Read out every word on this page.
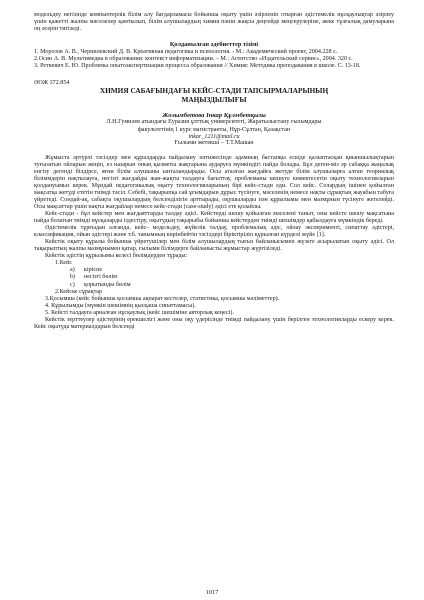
модельдеу негізінде компьютерлік білім алу бағдарламасы бойынша оқыту үшін әзірленіп отырған әдістемелік нұсқаулықтар әзірлеу үшін қажетті жалпы мәселелер қамтылып, білім алушылардың химия пәнін жақсы деңгейде меңгерулеріне, жеке тұлғалық дамуларына оң әсерін тигізеді.

Қолданылған әдебиеттер тізімі

1. Морозов А. В., Чернилевский Д. В. Креативная педагогика и психология. - М.: Академический проект, 2004.228 с.

2.Осин А. В. Мультимедиа в образовании: контекст информатизации. – М.: Агентство «Издательский сервис», 2004. 320 с.

3. Ретвевич Е. Ю. Проблемы опытоэкспертизации процесса образования // Химия: Методика преподавания в школе. С. 13-18.

ӘОЖ 372.854

ХИМИЯ САБАҒЫНДАҒЫ КЕЙС-СТАДИ ТАПСЫРМАЛАРЫНЫҢ
МАҢЫЗДЫЛЫҒЫ

Жолымбетова Інкар Құлмбетқызы

Л.Н.Гумилев атындағы Еуразия ұлттық университеті, Жаратылыстану ғылымдары
факультетінің 1 курс магистранты, Нұр-Сұлтан, Қазақстан

inkar_1211@mail.ru

Ғылыми жетекші – Т.Т.Машан

Жұмыста әртүрлі тәсілдер мен құралдарды пайдалану нәтижесінде адамның бастапқы ескіде қалыптасқан қиыншылықтарын туғызатын ойларын жеңіп, ез назарын оның қызметы жақтарына аударуға мүмкіндігі пайда болады. Бұл деген-міз әр сабаққа жаңалық енгізу дегенді білдірсе, яғни білім алушыны ынталандырады. Осы аталған жағдайға жетуде білім алушыларға алған теориялық біліммдерін нақтылауға, негізгі жағдайды жан-жақты талдауға бағыттау, проблеманы шешуге көмектесетін оқыту технологияларын қолдануымыз керек. Мұндай педагогикалық оқыту технологияларының бірі кейс-стади еди. Сол кейс. Солардың ішінен қойылған мақсатқа жетуді ететін тиімді тәсіл. Себебі, тақырыпқа сай ұғымдарын дұрыс түсінуге, мәселенің немесе нақты сұрақтың жауабын табуға үйретеді. Сондай-ақ, сабақта оқушылардың белсенділігін арттырады, оқушыларды пән құрылымы мен мазмұнын түсінуге жетелейді. Осы мақсаттар үшін нақты жағдайлар немесе кейс-стади (case-study) әдісі ете қолайлы.

Кейс-стади - бұл кейстер мен жағдаяттарды талдау әдісі. Кейстерді шешу қойылған мәселені таныт, оны кейсте шешу мақсатына пайда болатын тиімді нұсқаларды іздестіру, оқытудың тақырыбы бойынша кейстерден тиімді шешімдер қабылдауға мүмкіндік береді.

Әдістемелік тұрғыдан алғанда, кейс- модельдеу, жүйелік талдау, проблемалық әдіс, ойлау эксперименті, сипаттау әдістері, классификация, ойын әдістері және т.б. танымның көрінбейтін тәсілдері біріктіріліп құрылған күрделі жүйе [1].

Кейстік оқыту құралы бойынша үйретушілер мен білім алушылардың тығыз байланысымен жүзеге асырылатын оқыту әдісі. Ол тақырыптың жалпы мазмұнымен қатар, ғылыми білімдерге байланысты жұмыстар жүргізіледі.

Кейстік әдістің құрылымы келесі бөлімдерден тұрады:

1.Кейс

a) кіріспе

b) негізгі бөлім

c) қорытынды бөлім

2.Кейске сұрақтар

3.Қосымша (кейс бойынша қосымша ақпарат кестелер, статистика, қосымша мәліметтер).

4. Кұрылымды (мүмкін шешімнің қысқаша сипаттамасы).

5. Кейсті талдауға арналған нұсқаулық (кейс шешіміне авторлық кеңесі).

Кейстік зерттеулер әдістерінің ерекшелігі және оны оқу үдерісінде тиімді пайдалану үшін берілген технологияларды ескеру керек. Кейс оқытуда материалдарын белсенді

1017
